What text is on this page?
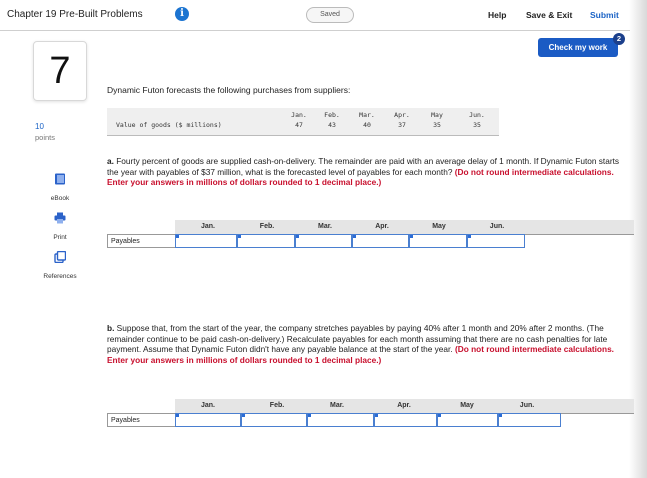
Chapter 19 Pre-Built Problems	i	Saved	Help Save & Exit Submit
Check my work
2
7
10
points
eBook
Print
References
Dynamic Futon forecasts the following purchases from suppliers:
Jan.	Feb.	Mar.	Apr.	May	Jun.
Value of goods ($ millions)	47	43	40	37	35	35
a. Fourty percent of goods are supplied cash-on-delivery. The remainder are paid with an average delay of 1 month. If Dynamic Futon starts the year with payables of $37 million, what is the forecasted level of payables for each month? (Do not round intermediate calculations. Enter your answers in millions of dollars rounded to 1 decimal place.)
Jan.	Feb.	Mar.	Apr.	May	Jun.
Payables
b. Suppose that, from the start of the year, the company stretches payables by paying 40% after 1 month and 20% after 2 months. (The remainder continue to be paid cash-on-delivery.) Recalculate payables for each month assuming that there are no cash penalties for late payment. Assume that Dynamic Futon didn't have any payable balance at the start of the year. (Do not round intermediate calculations. Enter your answers in millions of dollars rounded to 1 decimal place.)
Jan.	Feb.	Mar.	Apr.	May	Jun.
Payables
